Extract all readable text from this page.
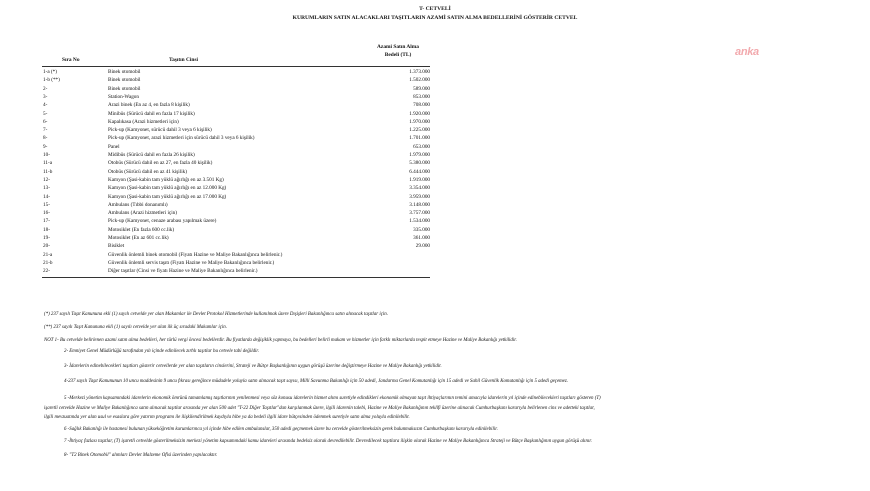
T- CETVELİ
KURUMLARIN SATIN ALACAKLARI TAŞITLARIN AZAMİ SATIN ALMA BEDELLERİNİ GÖSTERİR CETVEL
anka
Sıra No	Taşıtın Cinsi
Azami Satın Alma
Bedeli (TL)
1-a (*)	Binek otomobil	1.373.000
1-b (**)	Binek otomobil	1.502.000
2-	Binek otomobil	589.000
3-	Station-Wagon	853.000
4-	Arazi binek (En az 4, en fazla 8 kişilik)	708.000
5-	Minibüs (Sürücü dahil en fazla 17 kişilik)	1.920.000
6-	Kapalıkasa (Arazi hizmetleri için)	1.970.000
7-	Pick-up (Kamyonet, sürücü dahil 3 veya 6 kişilik)	1.225.000
8-	Pick-up (Kamyonet, arazi hizmetleri için sürücü dahil 3 veya 6 kişilik)	1.701.000
9-	Panel	653.000
10-	Midibüs (Sürücü dahil en fazla 26 kişilik)	1.979.000
11-a	Otobüs (Sürücü dahil en az 27, en fazla 40 kişilik)	5.380.000
11-b	Otobüs (Sürücü dahil en az 41 kişilik)	6.444.000
12-	Kamyon (Şasi-kabin tam yüklü ağırlığı en az 3.501 Kg)	1.919.000
13-	Kamyon (Şasi-kabin tam yüklü ağırlığı en az 12.000 Kg)	3.354.000
14-	Kamyon (Şasi-kabin tam yüklü ağırlığı en az 17.000 Kg)	3.959.000
15-	Ambulans (Tıbbi donanımlı)	3.148.000
16-	Ambulans (Arazi hizmetleri için)	3.757.000
17-	Pick-up (Kamyonet, cenaze arabası yapılmak üzere)	1.534.000
18-	Motosiklet (En fazla 600 cc.lik)	335.000
19-	Motosiklet (En az 601 cc.lik)	361.000
20-	Bisiklet	29.000
21-a	Güvenlik önlemli binek otomobil (Fiyatı Hazine ve Maliye Bakanlığınca belirlenir.)
21-b	Güvenlik önlemli servis taşıtı (Fiyatı Hazine ve Maliye Bakanlığınca belirlenir.)
22-	Diğer taşıtlar (Cinsi ve fiyatı Hazine ve Maliye Bakanlığınca belirlenir.)
(*) 237 sayılı Taşıt Kanununa ekli (1) sayılı cetvelde yer alan Makamlar ile Devlet Protokol Hizmetlerinde kullanılmak üzere Dışişleri Bakanlığınca satın alınacak taşıtlar için.
(**) 237 sayılı Taşıt Kanununa ekli (1) sayılı cetvelde yer alan ilk üç sıradaki Makamlar için.
NOT 1- Bu cetvelde belirlenen azami satın alma bedelleri, her türlü vergi öncesi bedellerdir. Bu fiyatlarda değişiklik yapmaya, bu bedelleri belirli makam ve hizmetler için farklı miktarlarda tespit etmeye Hazine ve Maliye Bakanlığı yetkilidir.
2- Emniyet Genel Müdürlüğü tarafından yılı içinde edinilecek zırhlı taşıtlar bu cetvele tabi değildir.
3- İdarelerin edinebilecekleri taşıtları gösterir cetvellerde yer alan taşıtların cinslerini, Strateji ve Bütçe Başkanlığının uygun görüşü üzerine değiştirmeye Hazine ve Maliye Bakanlığı yetkilidir.
4-237 sayılı Taşıt Kanununun 10 uncu maddesinin 9 uncu fıkrası gereğince müdadele yoluyla satın alınacak taşıt sayısı, Milli Savunma Bakanlığı için 50 adedi, Jandarma Genel Komutanlığı için 15 adedi ve Sahil Güvenlik Komutanlığı için 5 adedi geçemez.
5 -Merkezi yönetim kapsamındaki idarelerin ekonomik ömrünü tamamlamış taşıtlarının yenilenmesi veya söz konusu idarelerin hizmet alımı suretiyle edindikleri ekonomik olmayan taşıt ihtiyaçlarının temini amacıyla idarelerin yıl içinde edinebilecekleri taşıtları gösteren (T)
işaretli cetvelde Hazine ve Maliye Bakanlığınca satın alınacak taşıtlar arasında yer alan 500 adet "T-22 Diğer Taşıtlar"dan karşılanmak üzere, ilgili idarenin talebi, Hazine ve Maliye Bakanlığının teklifi üzerine alınacak Cumhurbaşkanı kararıyla belirlenen cins ve adetteki taşıtlar,
ilgili mevzuatında yer alan usul ve esaslara göre yatırım programı ile ilişkilendirilmek kaydıyla hibe ya da bedeli ilgili idare bütçesinden ödenmek suretiyle satın alma yoluyla edinilebilir.
6 -Sağlık Bakanlığı ile hastanesi bulunan yükseköğretim kurumlarınca yıl içinde hibe edilen ambulanslar, 350 adedi geçmemek üzere bu cetvelde gösterilmeksizin gerek bulunmaksızın Cumhurbaşkanı kararıyla edinilebilir.
7 -İhtiyaç fazlası taşıtlar, (T) işaretli cetvelde gösterilmeksizin merkezi yönetim kapsamındaki kamu idareleri arasında bedelsiz olarak devredilebilir. Devredilecek taşıtlara ilişkin olarak Hazine ve Maliye Bakanlığınca Strateji ve Bütçe Başkanlığının uygun görüşü alınır.
8- "T2 Binek Otomobil" alımları Devlet Malzeme Ofisi üzerinden yapılacaktır.
